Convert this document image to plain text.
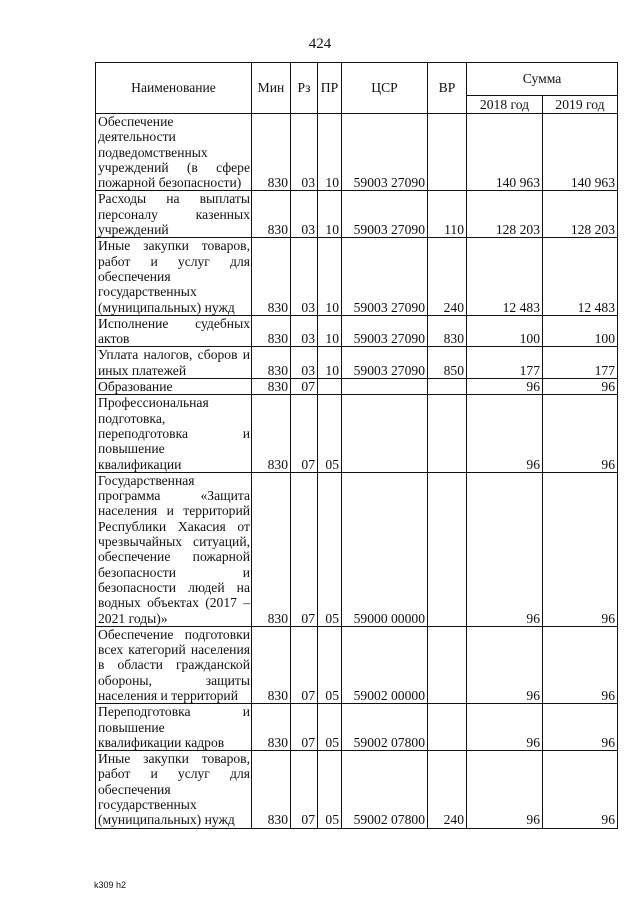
424
Наименование	Мин	Рз	ПР	ЦСР	ВР	Сумма	
						2018 год	2019 год
Обеспечение деятельности подведомственных учреждений (в сфере пожарной безопасности)	830	03	10	59003 27090		140 963	140 963
Расходы на выплаты персоналу казенных учреждений	830	03	10	59003 27090	110	128 203	128 203
Иные закупки товаров, работ и услуг для обеспечения государственных (муниципальных) нужд	830	03	10	59003 27090	240	12 483	12 483
Исполнение судебных актов	830	03	10	59003 27090	830	100	100
Уплата налогов, сборов и иных платежей	830	03	10	59003 27090	850	177	177
Образование	830	07				96	96
Профессиональная подготовка, переподготовка и повышение квалификации	830	07	05			96	96
Государственная программа «Защита населения и территорий Республики Хакасия от чрезвычайных ситуаций, обеспечение пожарной безопасности и безопасности людей на водных объектах (2017 – 2021 годы)»	830	07	05	59000 00000		96	96
Обеспечение подготовки всех категорий населения в области гражданской обороны, защиты населения и территорий	830	07	05	59002 00000		96	96
Переподготовка и повышение квалификации кадров	830	07	05	59002 07800		96	96
Иные закупки товаров, работ и услуг для обеспечения государственных (муниципальных) нужд	830	07	05	59002 07800	240	96	96
k309 h2
